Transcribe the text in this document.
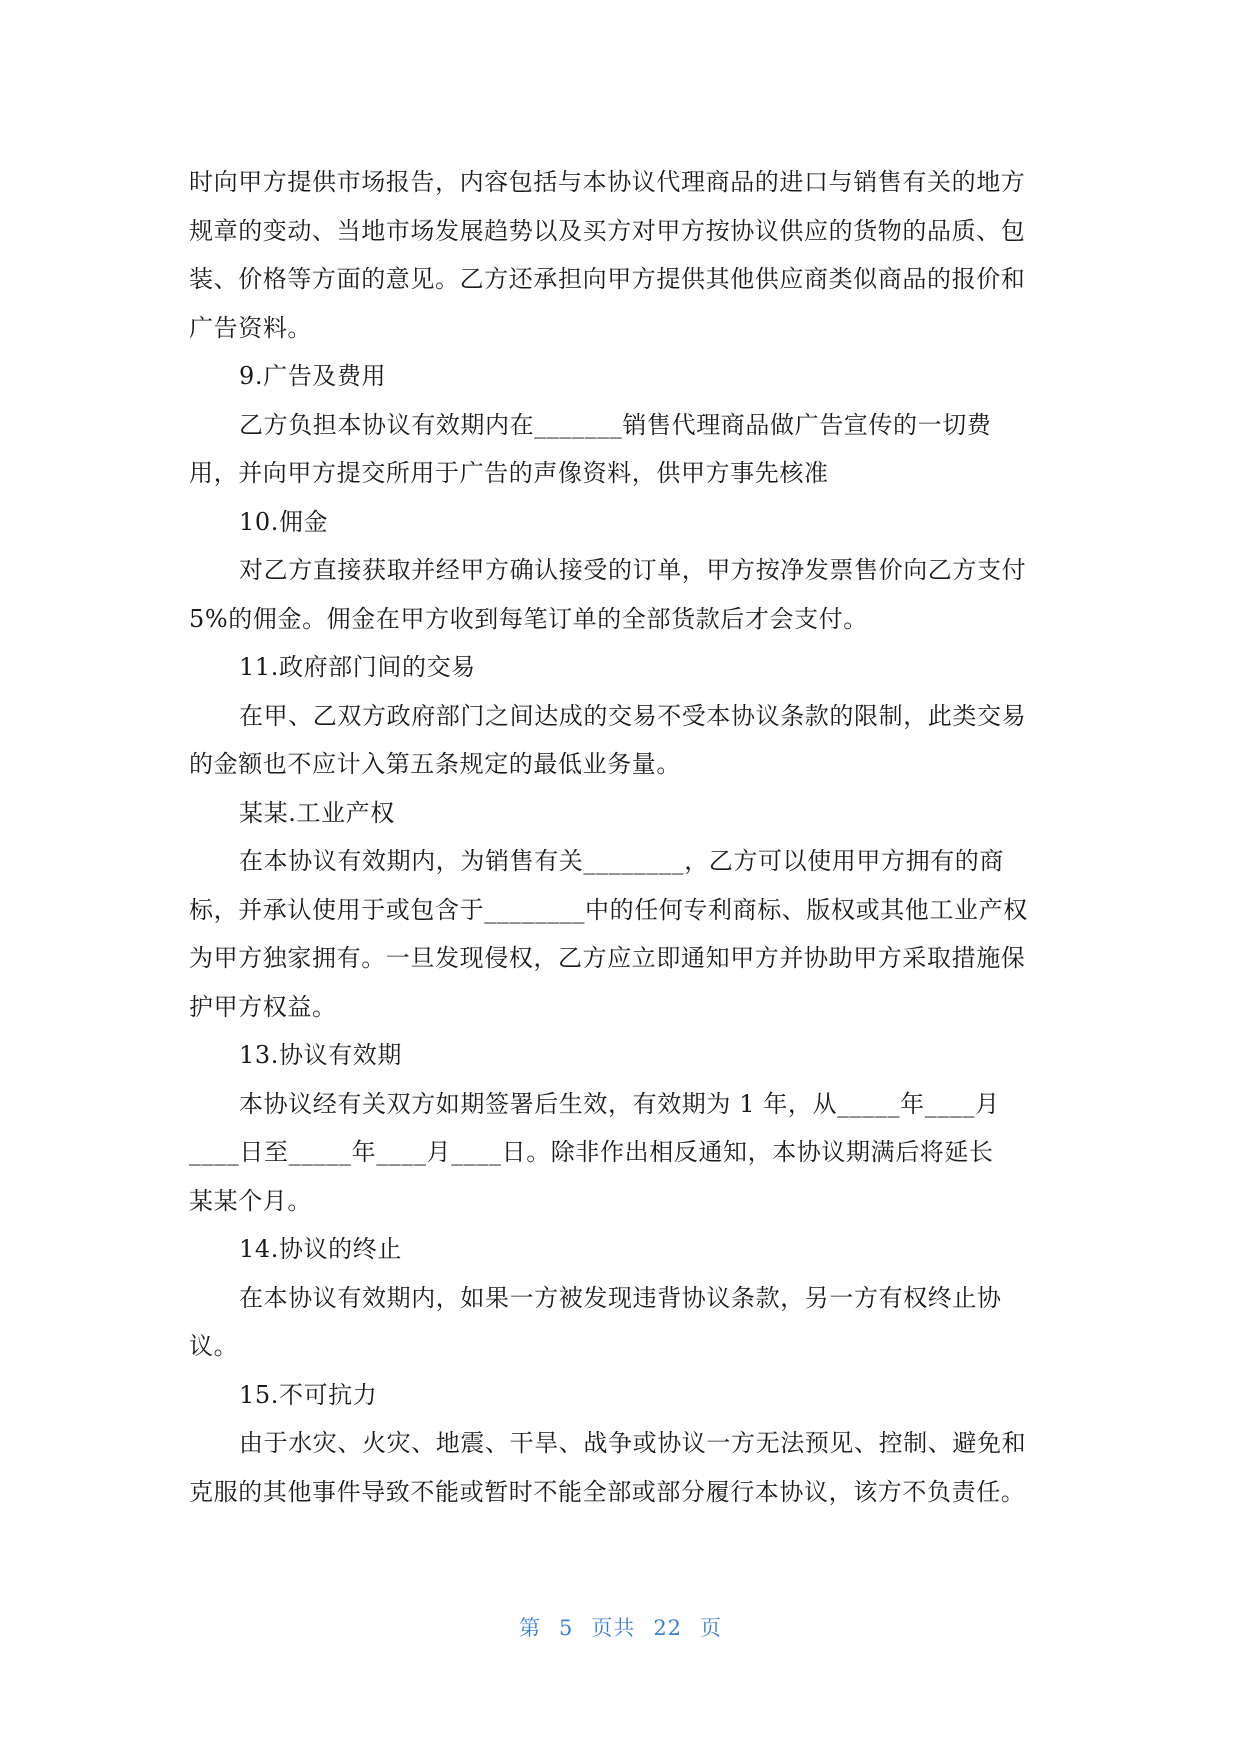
时向甲方提供市场报告，内容包括与本协议代理商品的进口与销售有关的地方
规章的变动、当地市场发展趋势以及买方对甲方按协议供应的货物的品质、包
装、价格等方面的意见。乙方还承担向甲方提供其他供应商类似商品的报价和
广告资料。
9.广告及费用
乙方负担本协议有效期内在_______销售代理商品做广告宣传的一切费
用，并向甲方提交所用于广告的声像资料，供甲方事先核准
10.佣金
对乙方直接获取并经甲方确认接受的订单，甲方按净发票售价向乙方支付
5%的佣金。佣金在甲方收到每笔订单的全部货款后才会支付。
11.政府部门间的交易
在甲、乙双方政府部门之间达成的交易不受本协议条款的限制，此类交易
的金额也不应计入第五条规定的最低业务量。
某某.工业产权
在本协议有效期内，为销售有关________，乙方可以使用甲方拥有的商
标，并承认使用于或包含于________中的任何专利商标、版权或其他工业产权
为甲方独家拥有。一旦发现侵权，乙方应立即通知甲方并协助甲方采取措施保
护甲方权益。
13.协议有效期
本协议经有关双方如期签署后生效，有效期为 1 年，从_____年____月
____日至_____年____月____日。除非作出相反通知，本协议期满后将延长
某某个月。
14.协议的终止
在本协议有效期内，如果一方被发现违背协议条款，另一方有权终止协
议。
15.不可抗力
由于水灾、火灾、地震、干旱、战争或协议一方无法预见、控制、避免和
克服的其他事件导致不能或暂时不能全部或部分履行本协议，该方不负责任。
第 5 页共 22 页
